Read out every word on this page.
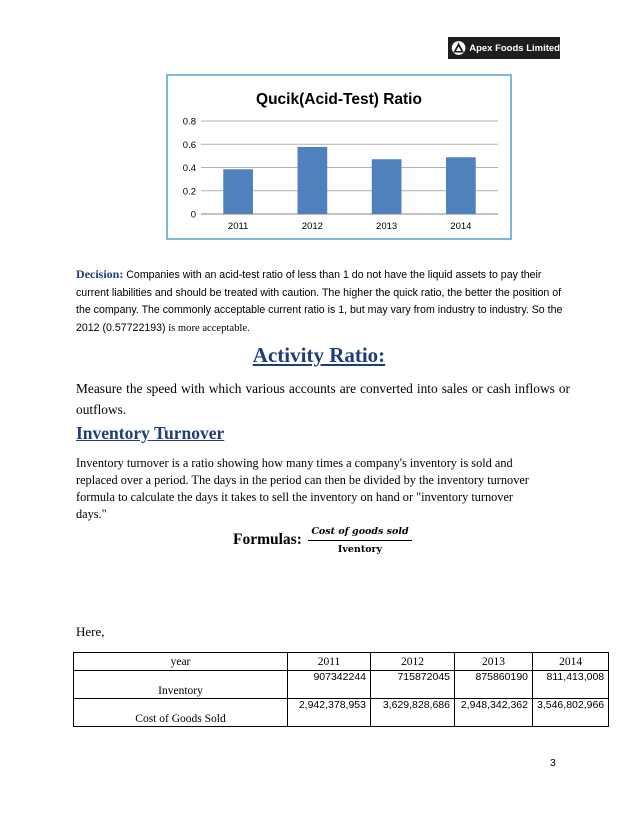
Apex Foods Limited
Qucik(Acid-Test) Ratio
0
0.2
0.4
0.6
0.8
2011	2012	2013	2014
Decision: Companies with an acid-test ratio of less than 1 do not have the liquid assets to pay their current liabilities and should be treated with caution. The higher the quick ratio, the better the position of the company. The commonly acceptable current ratio is 1, but may vary from industry to industry. So the 2012 (0.57722193) is more acceptable.
Activity Ratio:
Measure the speed with which various accounts are converted into sales or cash inflows or outflows.
Inventory Turnover
Inventory turnover is a ratio showing how many times a company's inventory is sold and replaced over a period. The days in the period can then be divided by the inventory turnover formula to calculate the days it takes to sell the inventory on hand or "inventory turnover days."
Formulas: Cost of goods sold
Iventory
Here,
year	2011	2012	2013	2014
Inventory	907342244	715872045	875860190	811,413,008
Cost of Goods Sold	2,942,378,953	3,629,828,686	2,948,342,362	3,546,802,966
3
